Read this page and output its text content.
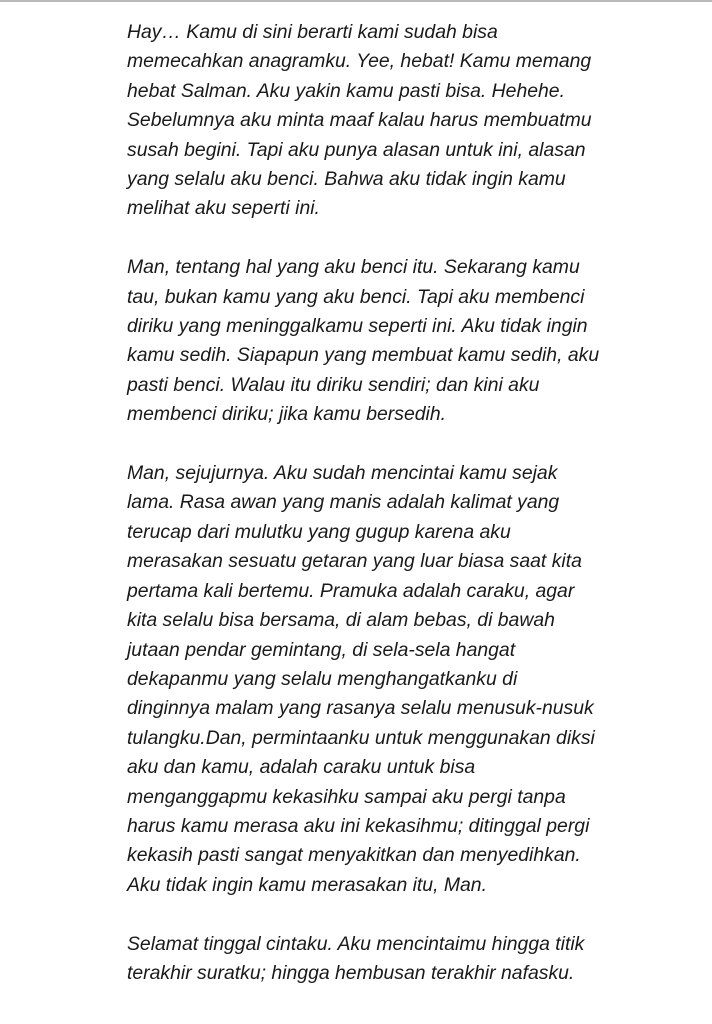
Hay… Kamu di sini berarti kami sudah bisa
memecahkan anagramku. Yee, hebat! Kamu memang
hebat Salman. Aku yakin kamu pasti bisa. Hehehe.
Sebelumnya aku minta maaf kalau harus membuatmu
susah begini. Tapi aku punya alasan untuk ini, alasan
yang selalu aku benci. Bahwa aku tidak ingin kamu
melihat aku seperti ini.

Man, tentang hal yang aku benci itu. Sekarang kamu
tau, bukan kamu yang aku benci. Tapi aku membenci
diriku yang meninggalkamu seperti ini. Aku tidak ingin
kamu sedih. Siapapun yang membuat kamu sedih, aku
pasti benci. Walau itu diriku sendiri; dan kini aku
membenci diriku; jika kamu bersedih.

Man, sejujurnya. Aku sudah mencintai kamu sejak
lama. Rasa awan yang manis adalah kalimat yang
terucap dari mulutku yang gugup karena aku
merasakan sesuatu getaran yang luar biasa saat kita
pertama kali bertemu. Pramuka adalah caraku, agar
kita selalu bisa bersama, di alam bebas, di bawah
jutaan pendar gemintang, di sela-sela hangat
dekapanmu yang selalu menghangatkanku di
dinginnya malam yang rasanya selalu menusuk-nusuk
tulangku.Dan, permintaanku untuk menggunakan diksi
aku dan kamu, adalah caraku untuk bisa
menganggapmu kekasihku sampai aku pergi tanpa
harus kamu merasa aku ini kekasihmu; ditinggal pergi
kekasih pasti sangat menyakitkan dan menyedihkan.
Aku tidak ingin kamu merasakan itu, Man.

Selamat tinggal cintaku. Aku mencintaimu hingga titik
terakhir suratku; hingga hembusan terakhir nafasku.
